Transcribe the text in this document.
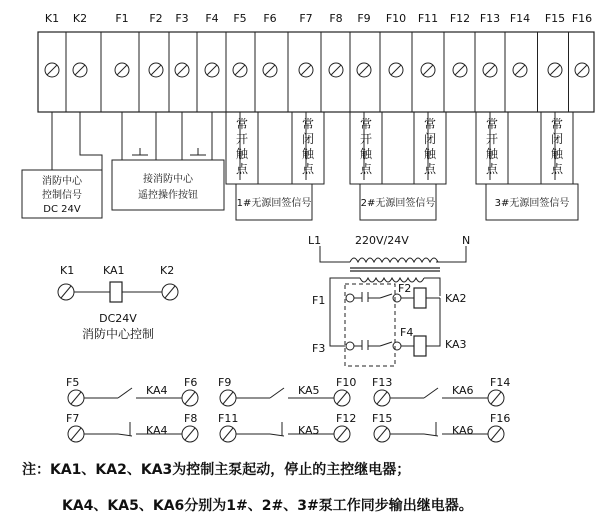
K1 K2	F1 F2 F3 F4 F5 F6 F7 F8 F9 F10 F11 F12 F13 F14 F15 F16
消防中心
控制信号
DC 24V
接消防中心
遥控操作按钮
常
开
触
点
常
闭
触
点
1#无源回签信号
常
开
触
点
常
闭
触
点
2#无源回签信号
常
开
触
点
常
闭
触
点
3#无源回签信号
L1	220V/24V	N
K1	KA1	K2
DC24V
消防中心控制
F1
F2
KA2
F3
F4
KA3
F5
KA4
F6 F9
KA5
F10 F13
KA6
F14
F7
KA4
F8 F11
KA5
F12 F15
KA6
F16
注：KA1、KA2、KA3为控制主泵起动，停止的主控继电器；
KA4、KA5、KA6分别为1#、2#、3#泵工作同步输出继电器。
